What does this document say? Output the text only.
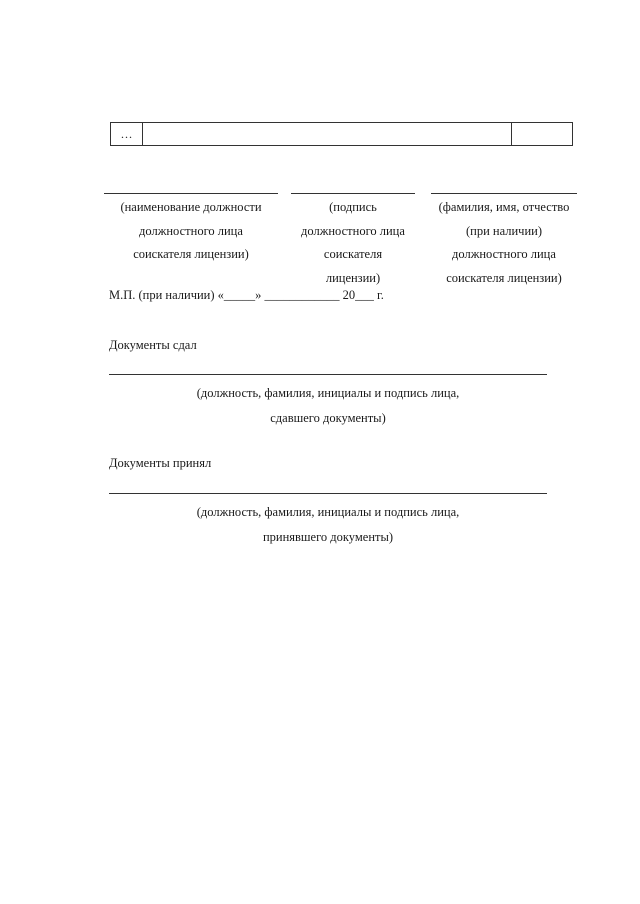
…
(наименование должности
должностного лица
соискателя лицензии)
(подпись
должностного лица
соискателя
лицензии)
(фамилия, имя, отчество
(при наличии)
должностного лица
соискателя лицензии)
М.П. (при наличии) «_____» ____________ 20___ г.
Документы сдал
(должность, фамилия, инициалы и подпись лица,
сдавшего документы)
Документы принял
(должность, фамилия, инициалы и подпись лица,
принявшего документы)
